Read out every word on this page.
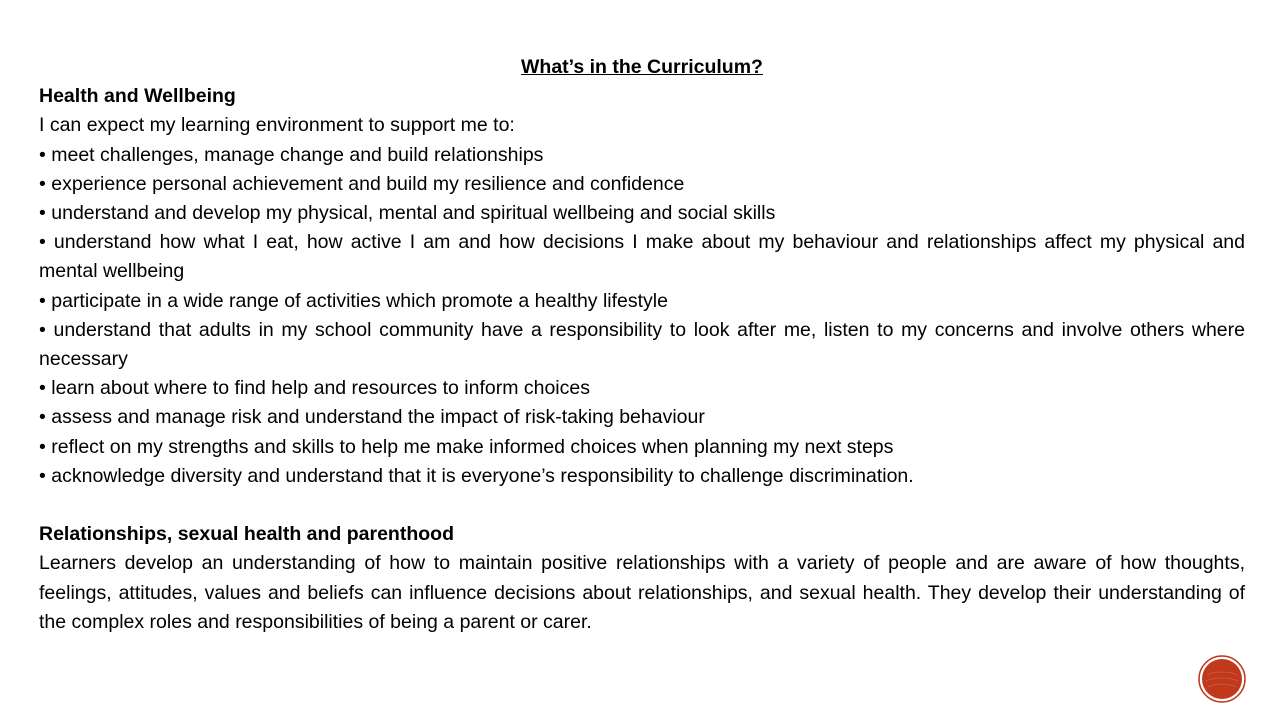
What’s in the Curriculum?
Health and Wellbeing
I can expect my learning environment to support me to:
• meet challenges, manage change and build relationships
• experience personal achievement and build my resilience and confidence
• understand and develop my physical, mental and spiritual wellbeing and social skills
• understand how what I eat, how active I am and how decisions I make about my behaviour and relationships affect my physical and mental wellbeing
• participate in a wide range of activities which promote a healthy lifestyle
• understand that adults in my school community have a responsibility to look after me, listen to my concerns and involve others where necessary
• learn about where to find help and resources to inform choices
• assess and manage risk and understand the impact of risk-taking behaviour
• reflect on my strengths and skills to help me make informed choices when planning my next steps
• acknowledge diversity and understand that it is everyone’s responsibility to challenge discrimination.
Relationships, sexual health and parenthood
Learners develop an understanding of how to maintain positive relationships with a variety of people and are aware of how thoughts, feelings, attitudes, values and beliefs can influence decisions about relationships, and sexual health. They develop their understanding of the complex roles and responsibilities of being a parent or carer.
